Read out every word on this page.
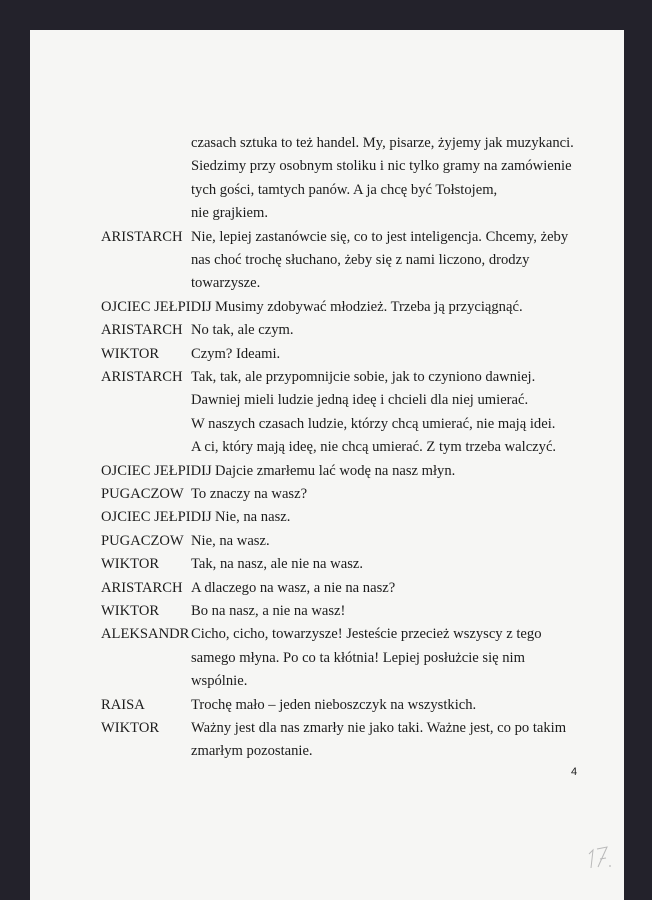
czasach sztuka to też handel. My, pisarze, żyjemy jak muzykanci.
Siedzimy przy osobnym stoliku i nic tylko gramy na zamówienie
tych gości, tamtych panów. A ja chcę być Tołstojem,
nie grajkiem.
ARISTARCH Nie, lepiej zastanówcie się, co to jest inteligencja. Chcemy, żeby
nas choć trochę słuchano, żeby się z nami liczono, drodzy
towarzysze.
OJCIEC JEŁPIDIJ Musimy zdobywać młodzież. Trzeba ją przyciągnąć.
ARISTARCH No tak, ale czym.
WIKTOR Czym? Ideami.
ARISTARCH Tak, tak, ale przypomnijcie sobie, jak to czyniono dawniej.
Dawniej mieli ludzie jedną ideę i chcieli dla niej umierać.
W naszych czasach ludzie, którzy chcą umierać, nie mają idei.
A ci, który mają ideę, nie chcą umierać. Z tym trzeba walczyć.
OJCIEC JEŁPIDIJ Dajcie zmarłemu lać wodę na nasz młyn.
PUGACZOW To znaczy na wasz?
OJCIEC JEŁPIDIJ Nie, na nasz.
PUGACZOW Nie, na wasz.
WIKTOR Tak, na nasz, ale nie na wasz.
ARISTARCH A dlaczego na wasz, a nie na nasz?
WIKTOR Bo na nasz, a nie na wasz!
ALEKSANDR Cicho, cicho, towarzysze! Jesteście przecież wszyscy z tego
samego młyna. Po co ta kłótnia! Lepiej posłużcie się nim
wspólnie.
RAISA	Trochę mało – jeden nieboszczyk na wszystkich.
WIKTOR Ważny jest dla nas zmarły nie jako taki. Ważne jest, co po takim
zmarłym pozostanie.
4
